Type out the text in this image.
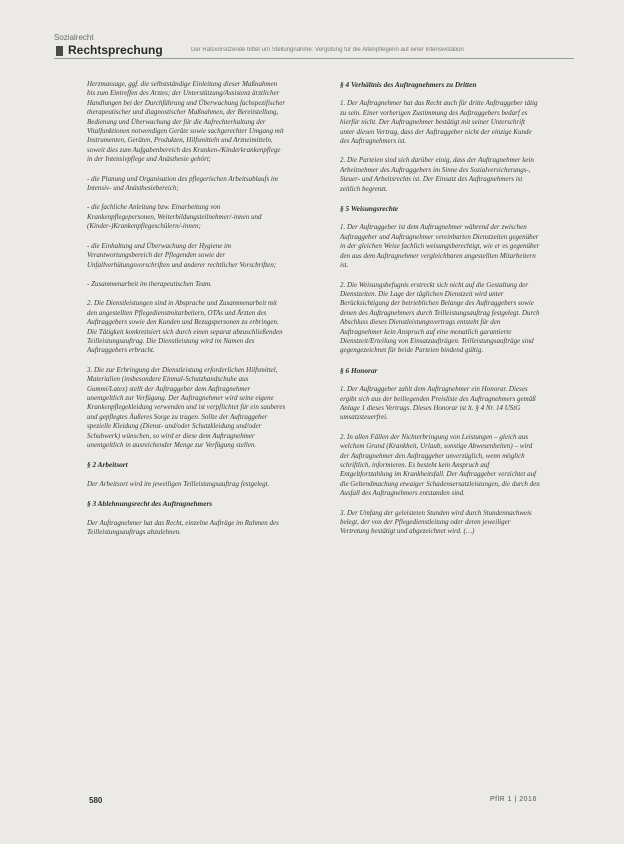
Sozialrecht
Rechtsprechung	Der Ratsvorsitzende bittet um Stellungnahme: Vergütung für die Altenpflegerin auf einer Intensivstation

Herzmassage, ggf. die selbstständige Einleitung dieser Maßnahmen bis zum Eintreffen des Arztes; der Unterstützung/Assistenz ärztlicher Handlungen bei der Durchführung und Überwachung fachspezifischer therapeutischer und diagnostischer Maßnahmen, der Bereitstellung, Bedienung und Überwachung der für die Aufrechterhaltung der Vitalfunktionen notwendigen Geräte sowie sachgerechter Umgang mit Instrumenten, Geräten, Produkten, Hilfsmitteln und Arzneimitteln, soweit dies zum Aufgabenbereich des Kranken-/Kinderkrankenpflege in der Intensivpflege und Anästhesie gehört;

- die Planung und Organisation des pflegerischen Arbeitsablaufs im Intensiv- und Anästhesiebereich;

- die fachliche Anleitung bzw. Einarbeitung von Krankenpflegepersonen, Weiterbildungsteilnehmer/-innen und (Kinder-)Krankenpflegeschülern/-innen;

- die Einhaltung und Überwachung der Hygiene im Verantwortungsbereich der Pflegenden sowie der Unfallverhütungsvorschriften und anderer rechtlicher Vorschriften;

- Zusammenarbeit im therapeutischen Team.

2. Die Dienstleistungen sind in Absprache und Zusammenarbeit mit den angestellten Pflegedienstmitarbeitern, OTAs und Ärzten des Auftraggebers sowie den Kunden und Bezugspersonen zu erbringen. Die Tätigkeit konkretisiert sich durch einen separat abzuschließenden Teilleistungsauftrag. Die Dienstleistung wird im Namen des Auftraggebers erbracht.

3. Die zur Erbringung der Dienstleistung erforderlichen Hilfsmittel, Materialien (insbesondere Einmal-Schutzhandschuhe aus Gummi/Latex) stellt der Auftraggeber dem Auftragnehmer unentgeltlich zur Verfügung. Der Auftragnehmer wird seine eigene Krankenpflegekleidung verwenden und ist verpflichtet für ein sauberes und gepflegtes Äußeres Sorge zu tragen. Sollte der Auftraggeber spezielle Kleidung (Dienst- und/oder Schutzkleidung und/oder Schuhwerk) wünschen, so wird er diese dem Auftragnehmer unentgeltlich in ausreichender Menge zur Verfügung stellen.

§ 2 Arbeitsort

Der Arbeitsort wird im jeweiligen Teilleistungsauftrag festgelegt.

§ 3 Ablehnungsrecht des Auftragnehmers

Der Auftragnehmer hat das Recht, einzelne Aufträge im Rahmen des Teilleistungsauftrags abzulehnen.

§ 4 Verhältnis des Auftragnehmers zu Dritten

1. Der Auftragnehmer hat das Recht auch für dritte Auftraggeber tätig zu sein. Einer vorherigen Zustimmung des Auftraggebers bedarf es hierfür nicht. Der Auftragnehmer bestätigt mit seiner Unterschrift unter diesen Vertrag, dass der Auftraggeber nicht der einzige Kunde des Auftragnehmers ist.

2. Die Parteien sind sich darüber einig, dass der Auftragnehmer kein Arbeitnehmer des Auftraggebers im Sinne des Sozialversicherungs-, Steuer- und Arbeitsrechts ist. Der Einsatz des Auftragnehmers ist zeitlich begrenzt.

§ 5 Weisungsrechte

1. Der Auftraggeber ist dem Auftragnehmer während der zwischen Auftraggeber und Auftragnehmer vereinbarten Dienstzeiten gegenüber in der gleichen Weise fachlich weisungsberechtigt, wie er es gegenüber den aus dem Auftragnehmer vergleichbaren angestellten Mitarbeitern ist.

2. Die Weisungsbefugnis erstreckt sich nicht auf die Gestaltung der Dienstzeiten. Die Lage der täglichen Dienstzeit wird unter Berücksichtigung der betrieblichen Belange des Auftraggebers sowie denen des Auftragnehmers durch Teilleistungsauftrag festgelegt. Durch Abschluss dieses Dienstleistungsvertrags entsteht für den Auftragnehmer kein Anspruch auf eine monatlich garantierte Dienstzeit/Erteilung von Einsatzaufträgen. Teilleistungsaufträge sind gegengezeichnet für beide Parteien bindend gültig.

§ 6 Honorar

1. Der Auftraggeber zahlt dem Auftragnehmer ein Honorar. Dieses ergibt sich aus der beiliegenden Preisliste des Auftragnehmers gemäß Anlage 1 dieses Vertrags. Dieses Honorar ist lt. § 4 Nr. 14 UStG umsatzsteuerfrei.

2. In allen Fällen der Nichterbringung von Leistungen – gleich aus welchem Grund (Krankheit, Urlaub, sonstige Abwesenheiten) – wird der Auftragnehmer den Auftraggeber unverzüglich, wenn möglich schriftlich, informieren. Es besteht kein Anspruch auf Entgeltfortzahlung im Krankheitsfall. Der Auftraggeber verzichtet auf die Geltendmachung etwaiger Schadensersatzleistungen, die durch den Ausfall des Auftragnehmers entstanden sind.

3. Der Umfang der geleisteten Stunden wird durch Stundennachweis belegt, der von der Pflegedienstleitung oder deren jeweiliger Vertretung bestätigt und abgezeichnet wird. (…)

580	PflR 1 | 2016
